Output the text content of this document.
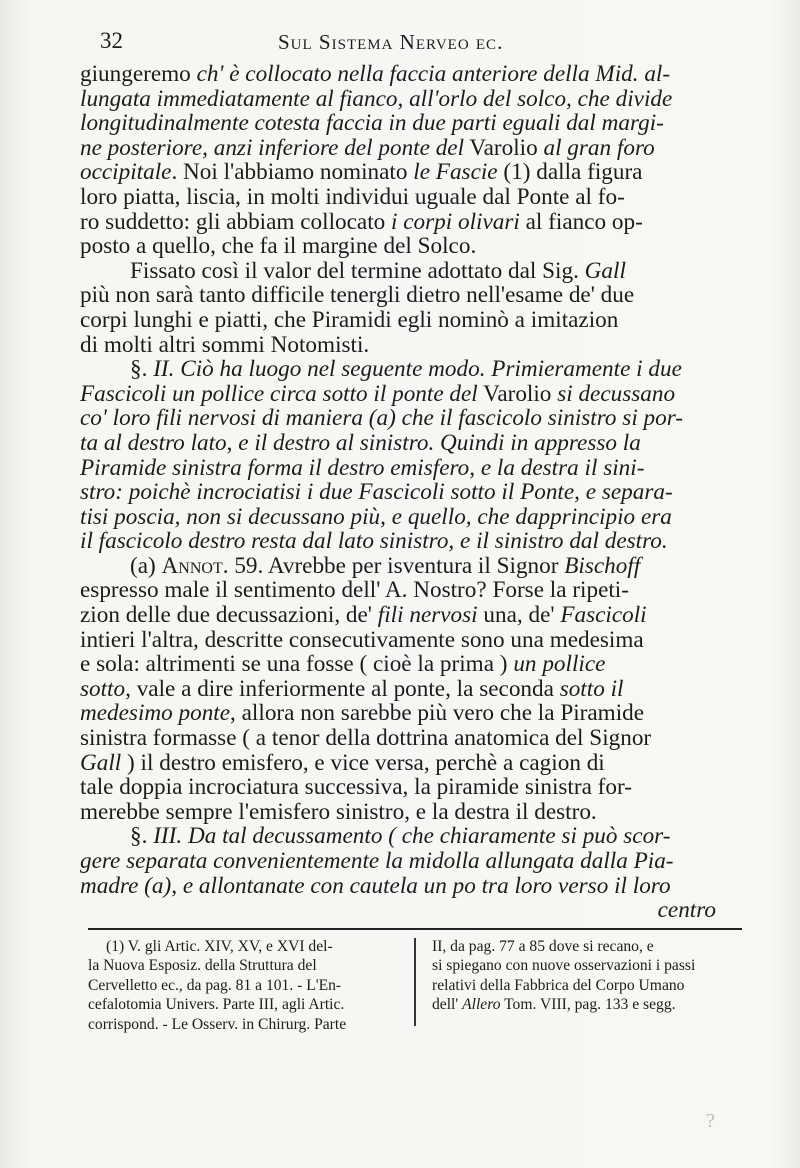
32	Sul Sistema Nerveo ec.
giungeremo ch' è collocato nella faccia anteriore della Mid. al-
lungata immediatamente al fianco, all'orlo del solco, che divide
longitudinalmente cotesta faccia in due parti eguali dal margi-
ne posteriore, anzi inferiore del ponte del Varolio al gran foro
occipitale. Noi l'abbiamo nominato le Fascie (1) dalla figura
loro piatta, liscia, in molti individui uguale dal Ponte al fo-
ro suddetto: gli abbiam collocato i corpi olivari al fianco op-
posto a quello, che fa il margine del Solco.
Fissato così il valor del termine adottato dal Sig. Gall
più non sarà tanto difficile tenergli dietro nell'esame de' due
corpi lunghi e piatti, che Piramidi egli nominò a imitazion
di molti altri sommi Notomisti.
§. II. Ciò ha luogo nel seguente modo. Primieramente i due
Fascicoli un pollice circa sotto il ponte del Varolio si decussano
co' loro fili nervosi di maniera (a) che il fascicolo sinistro si por-
ta al destro lato, e il destro al sinistro. Quindi in appresso la
Piramide sinistra forma il destro emisfero, e la destra il sini-
stro: poichè incrociatisi i due Fascicoli sotto il Ponte, e separa-
tisi poscia, non si decussano più, e quello, che dapprincipio era
il fascicolo destro resta dal lato sinistro, e il sinistro dal destro.
(a) Annot. 59. Avrebbe per isventura il Signor Bischoff
espresso male il sentimento dell' A. Nostro? Forse la ripeti-
zion delle due decussazioni, de' fili nervosi una, de' Fascicoli
intieri l'altra, descritte consecutivamente sono una medesima
e sola: altrimenti se una fosse ( cioè la prima ) un pollice
sotto, vale a dire inferiormente al ponte, la seconda sotto il
medesimo ponte, allora non sarebbe più vero che la Piramide
sinistra formasse ( a tenor della dottrina anatomica del Signor
Gall ) il destro emisfero, e vice versa, perchè a cagion di
tale doppia incrociatura successiva, la piramide sinistra for-
merebbe sempre l'emisfero sinistro, e la destra il destro.
§. III. Da tal decussamento ( che chiaramente si può scor-
gere separata convenientemente la midolla allungata dalla Pia-
madre (a), e allontanate con cautela un po tra loro verso il loro
centro
(1) V. gli Artic. XIV, XV, e XVI del-
la Nuova Esposiz. della Struttura del
Cervelletto ec., da pag. 81 a 101. - L'En-
cefalotomia Univers. Parte III, agli Artic.
corrispond. - Le Osserv. in Chirurg. Parte
II, da pag. 77 a 85 dove si recano, e
si spiegano con nuove osservazioni i passi
relativi della Fabbrica del Corpo Umano
dell' Allero Tom. VIII, pag. 133 e segg.
?
